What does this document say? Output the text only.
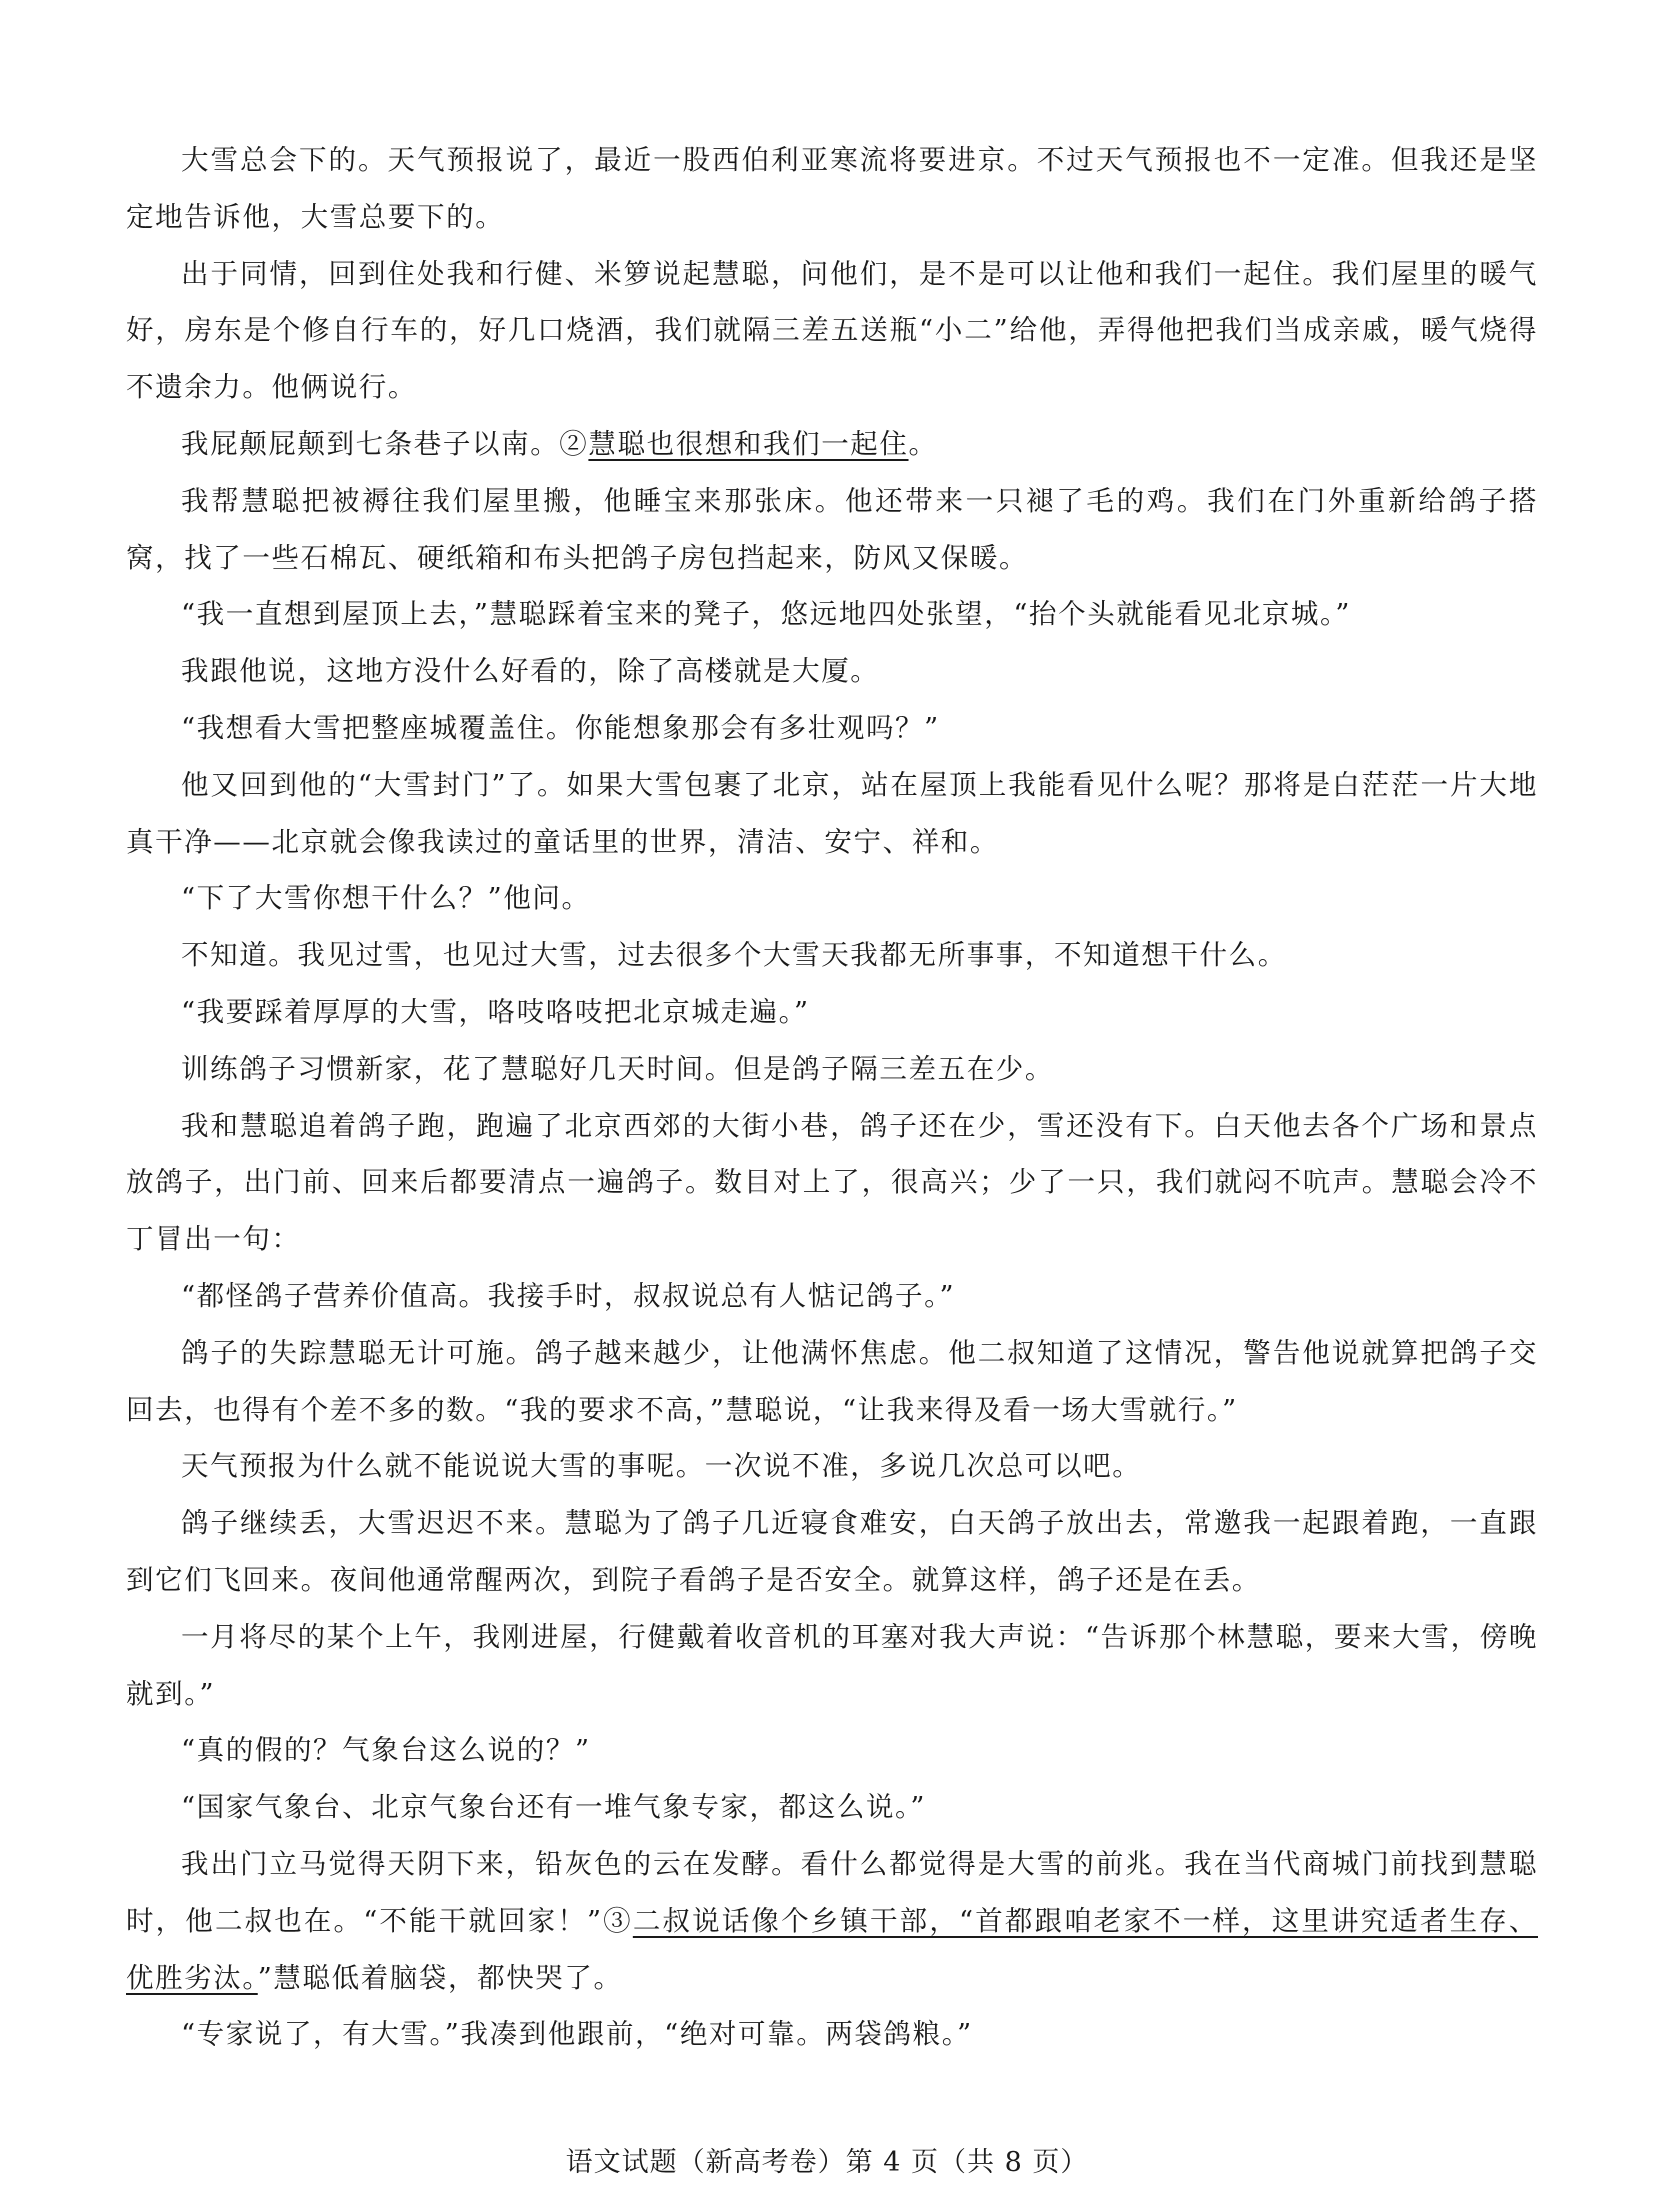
大雪总会下的。天气预报说了，最近一股西伯利亚寒流将要进京。不过天气预报也不一定准。但我还是坚定地告诉他，大雪总要下的。

出于同情，回到住处我和行健、米箩说起慧聪，问他们，是不是可以让他和我们一起住。我们屋里的暖气好，房东是个修自行车的，好几口烧酒，我们就隔三差五送瓶“小二”给他，弄得他把我们当成亲戚，暖气烧得不遗余力。他俩说行。

我屁颠屁颠到七条巷子以南。②慧聪也很想和我们一起住。

我帮慧聪把被褥往我们屋里搬，他睡宝来那张床。他还带来一只褪了毛的鸡。我们在门外重新给鸽子搭窝，找了一些石棉瓦、硬纸箱和布头把鸽子房包挡起来，防风又保暖。

“我一直想到屋顶上去，”慧聪踩着宝来的凳子，悠远地四处张望，“抬个头就能看见北京城。”

我跟他说，这地方没什么好看的，除了高楼就是大厦。

“我想看大雪把整座城覆盖住。你能想象那会有多壮观吗？”

他又回到他的“大雪封门”了。如果大雪包裹了北京，站在屋顶上我能看见什么呢？那将是白茫茫一片大地真干净——北京就会像我读过的童话里的世界，清洁、安宁、祥和。

“下了大雪你想干什么？”他问。

不知道。我见过雪，也见过大雪，过去很多个大雪天我都无所事事，不知道想干什么。

“我要踩着厚厚的大雪，咯吱咯吱把北京城走遍。”

训练鸽子习惯新家，花了慧聪好几天时间。但是鸽子隔三差五在少。

我和慧聪追着鸽子跑，跑遍了北京西郊的大街小巷，鸽子还在少，雪还没有下。白天他去各个广场和景点放鸽子，出门前、回来后都要清点一遍鸽子。数目对上了，很高兴；少了一只，我们就闷不吭声。慧聪会冷不丁冒出一句：

“都怪鸽子营养价值高。我接手时，叔叔说总有人惦记鸽子。”

鸽子的失踪慧聪无计可施。鸽子越来越少，让他满怀焦虑。他二叔知道了这情况，警告他说就算把鸽子交回去，也得有个差不多的数。“我的要求不高，”慧聪说，“让我来得及看一场大雪就行。”

天气预报为什么就不能说说大雪的事呢。一次说不准，多说几次总可以吧。

鸽子继续丢，大雪迟迟不来。慧聪为了鸽子几近寝食难安，白天鸽子放出去，常邀我一起跟着跑，一直跟到它们飞回来。夜间他通常醒两次，到院子看鸽子是否安全。就算这样，鸽子还是在丢。

一月将尽的某个上午，我刚进屋，行健戴着收音机的耳塞对我大声说：“告诉那个林慧聪，要来大雪，傍晚就到。”

“真的假的？气象台这么说的？”

“国家气象台、北京气象台还有一堆气象专家，都这么说。”

我出门立马觉得天阴下来，铅灰色的云在发酵。看什么都觉得是大雪的前兆。我在当代商城门前找到慧聪时，他二叔也在。“不能干就回家！”③二叔说话像个乡镇干部，“首都跟咱老家不一样，这里讲究适者生存、优胜劣汰。”慧聪低着脑袋，都快哭了。

“专家说了，有大雪。”我凑到他跟前，“绝对可靠。两袋鸽粮。”

语文试题（新高考卷）第 4 页（共 8 页）
